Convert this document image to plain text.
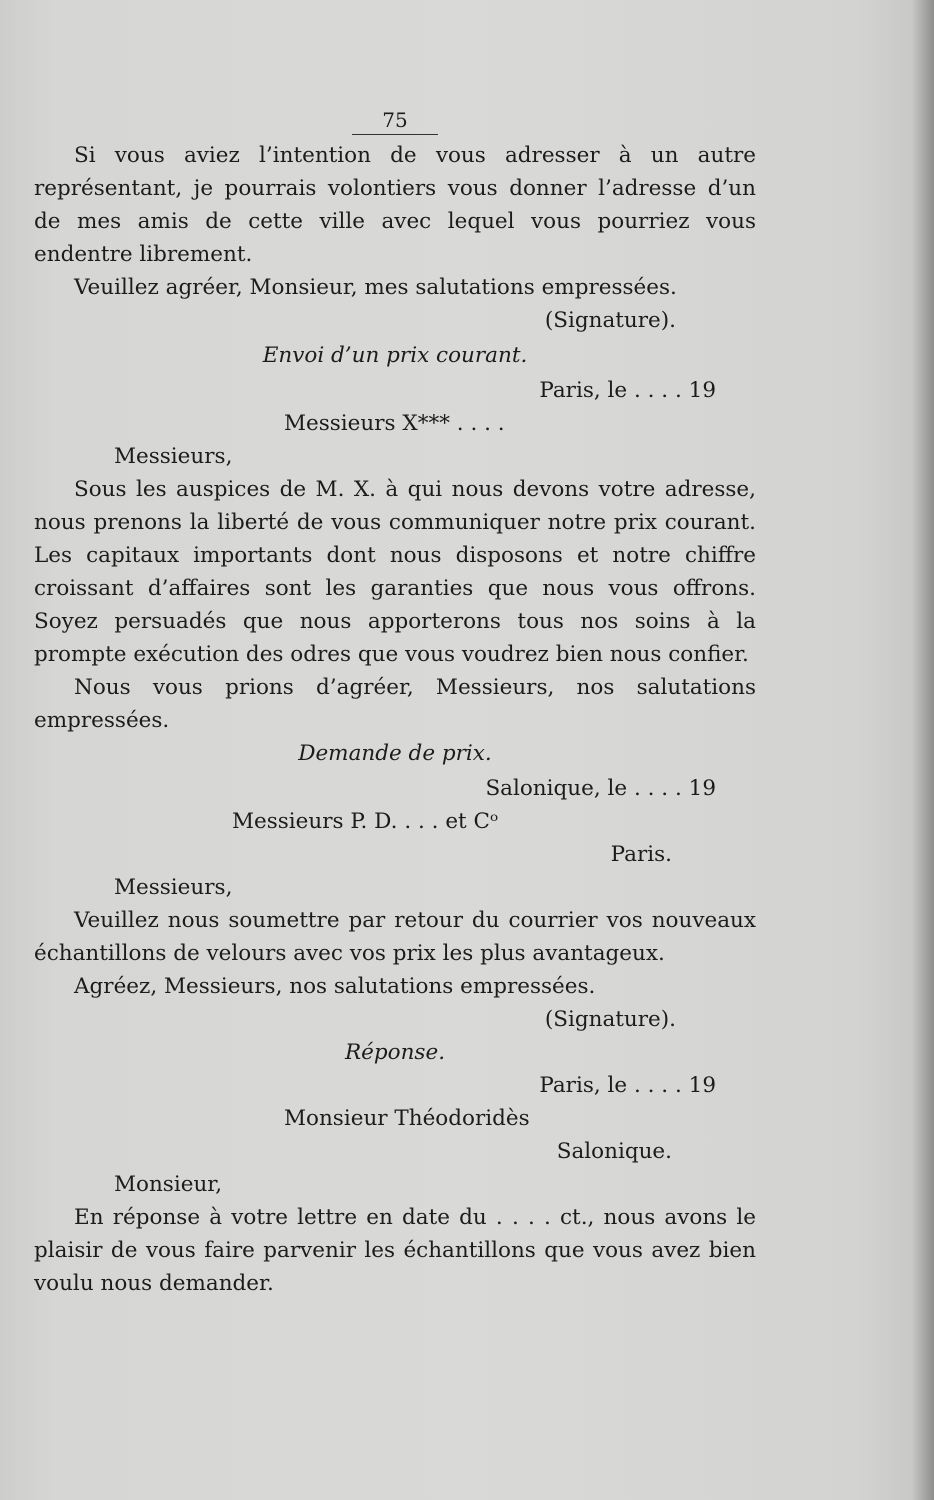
75

Si vous aviez l’intention de vous adresser à un autre représentant, je pourrais volontiers vous donner l’adresse d’un de mes amis de cette ville avec lequel vous pourriez vous endentre librement.

Veuillez agréer, Monsieur, mes salutations empressées.

(Signature).

Envoi d’un prix courant.

Paris, le . . . . 19

Messieurs X*** . . . .

Messieurs,

Sous les auspices de M. X. à qui nous devons votre adresse, nous prenons la liberté de vous communiquer notre prix courant. Les capitaux importants dont nous disposons et notre chiffre croissant d’affaires sont les garanties que nous vous offrons. Soyez persuadés que nous apporterons tous nos soins à la prompte exécution des odres que vous voudrez bien nous confier.

Nous vous prions d’agréer, Messieurs, nos salutations empressées.

Demande de prix.

Salonique, le . . . . 19

Messieurs P. D. . . . et Cᵒ

Paris.

Messieurs,

Veuillez nous soumettre par retour du courrier vos nouveaux échantillons de velours avec vos prix les plus avantageux.

Agréez, Messieurs, nos salutations empressées.

(Signature).

Réponse.

Paris, le . . . . 19

Monsieur Théodoridès

Salonique.

Monsieur,

En réponse à votre lettre en date du . . . . ct., nous avons le plaisir de vous faire parvenir les échantillons que vous avez bien voulu nous demander.
